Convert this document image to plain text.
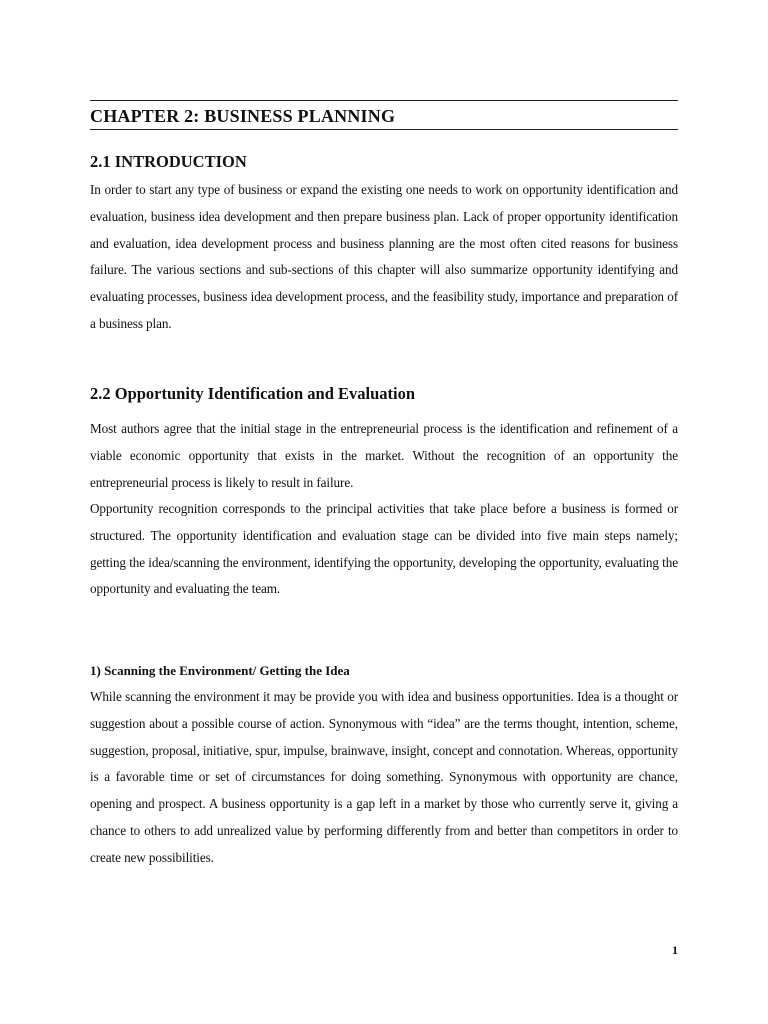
CHAPTER 2: BUSINESS PLANNING
2.1 INTRODUCTION

In order to start any type of business or expand the existing one needs to work on opportunity identification and evaluation, business idea development and then prepare business plan. Lack of proper opportunity identification and evaluation, idea development process and business planning are the most often cited reasons for business failure. The various sections and sub-sections of this chapter will also summarize opportunity identifying and evaluating processes, business idea development process, and the feasibility study, importance and preparation of a business plan.

2.2 Opportunity Identification and Evaluation

Most authors agree that the initial stage in the entrepreneurial process is the identification and refinement of a viable economic opportunity that exists in the market. Without the recognition of an opportunity the entrepreneurial process is likely to result in failure.

Opportunity recognition corresponds to the principal activities that take place before a business is formed or structured. The opportunity identification and evaluation stage can be divided into five main steps namely; getting the idea/scanning the environment, identifying the opportunity, developing the opportunity, evaluating the opportunity and evaluating the team.

1) Scanning the Environment/ Getting the Idea

While scanning the environment it may be provide you with idea and business opportunities. Idea is a thought or suggestion about a possible course of action. Synonymous with “idea” are the terms thought, intention, scheme, suggestion, proposal, initiative, spur, impulse, brainwave, insight, concept and connotation. Whereas, opportunity is a favorable time or set of circumstances for doing something. Synonymous with opportunity are chance, opening and prospect. A business opportunity is a gap left in a market by those who currently serve it, giving a chance to others to add unrealized value by performing differently from and better than competitors in order to create new possibilities.

1
